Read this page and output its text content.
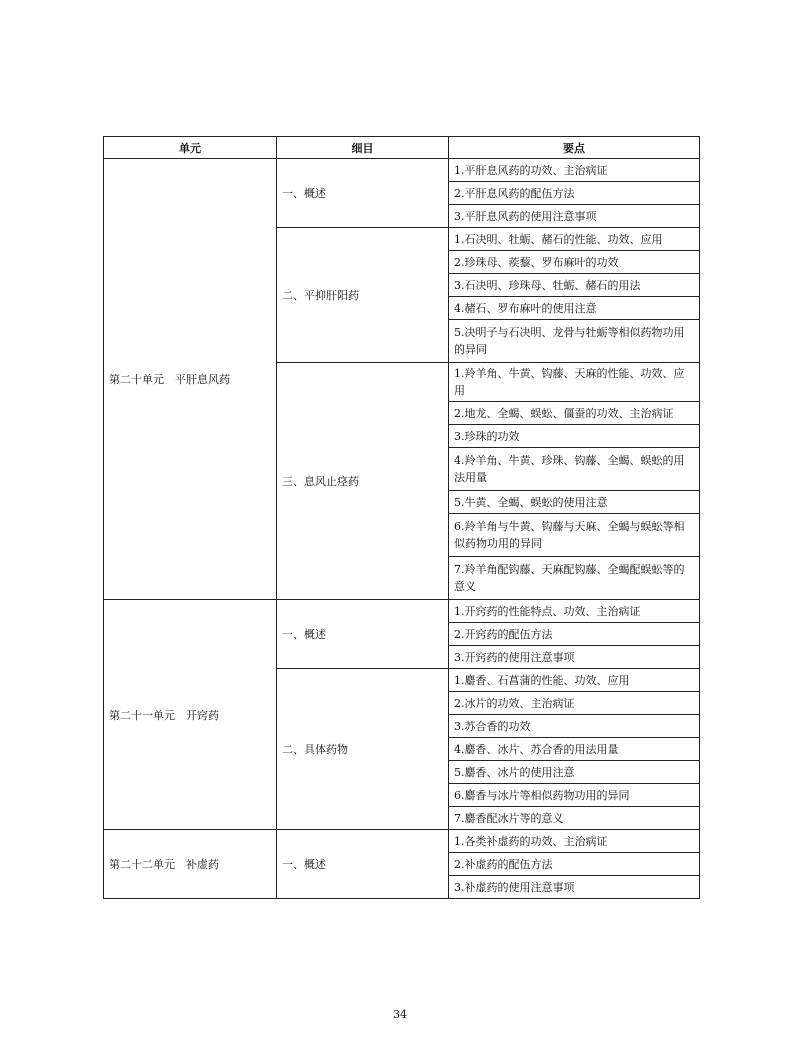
单元	细目	要点
第二十单元　平肝息风药	一、概述	1.平肝息风药的功效、主治病证
		2.平肝息风药的配伍方法
		3.平肝息风药的使用注意事项
	二、平抑肝阳药	1.石决明、牡蛎、赭石的性能、功效、应用
		2.珍珠母、蒺藜、罗布麻叶的功效
		3.石决明、珍珠母、牡蛎、赭石的用法
		4.赭石、罗布麻叶的使用注意
		5.决明子与石决明、龙骨与牡蛎等相似药物功用的异同
	三、息风止痉药	1.羚羊角、牛黄、钩藤、天麻的性能、功效、应用
		2.地龙、全蝎、蜈蚣、僵蚕的功效、主治病证
		3.珍珠的功效
		4.羚羊角、牛黄、珍珠、钩藤、全蝎、蜈蚣的用法用量
		5.牛黄、全蝎、蜈蚣的使用注意
		6.羚羊角与牛黄、钩藤与天麻、全蝎与蜈蚣等相似药物功用的异同
		7.羚羊角配钩藤、天麻配钩藤、全蝎配蜈蚣等的意义
第二十一单元　开窍药	一、概述	1.开窍药的性能特点、功效、主治病证
		2.开窍药的配伍方法
		3.开窍药的使用注意事项
	二、具体药物	1.麝香、石菖蒲的性能、功效、应用
		2.冰片的功效、主治病证
		3.苏合香的功效
		4.麝香、冰片、苏合香的用法用量
		5.麝香、冰片的使用注意
		6.麝香与冰片等相似药物功用的异同
		7.麝香配冰片等的意义
第二十二单元　补虚药	一、概述	1.各类补虚药的功效、主治病证
		2.补虚药的配伍方法
		3.补虚药的使用注意事项
34
